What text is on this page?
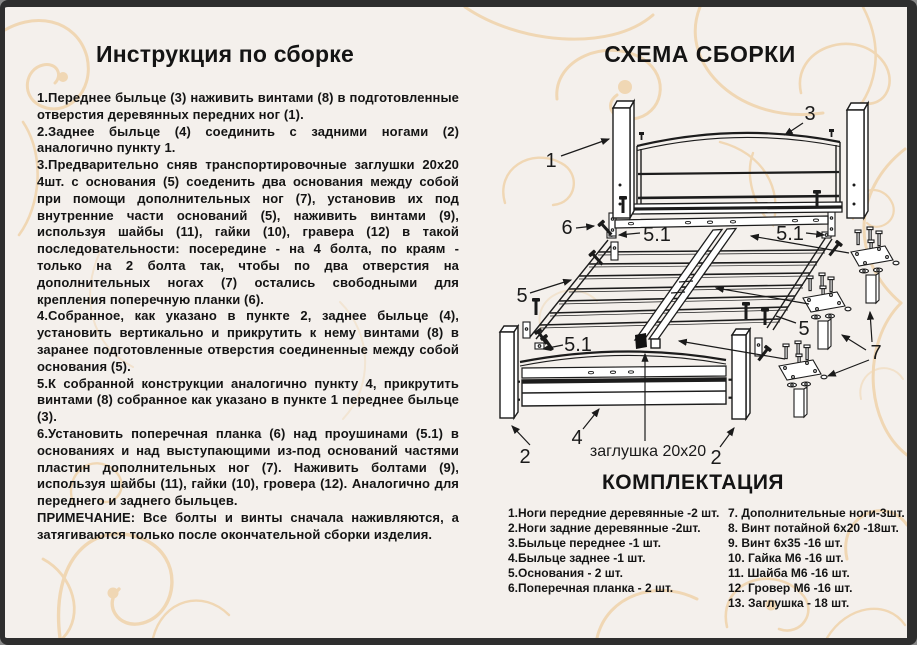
Инструкция по сборке

1.Переднее быльце (3) наживить винтами (8) в подготовленные отверстия деревянных передних ног (1).

2.Заднее быльце (4) соединить с задними ногами (2) аналогично пункту 1.

3.Предварительно сняв транспортировочные заглушки 20х20 4шт. с основания (5) соеденить два основания между собой при помощи дополнительных ног (7), установив их под внутренние части оснований (5), наживить винтами (9), используя шайбы (11), гайки (10), гравера (12) в такой последовательности: посередине - на 4 болта, по краям - только на 2 болта так, чтобы по два отверстия на дополнительных ногах (7) остались свободными для крепления поперечную планки (6).

4.Собранное, как указано в пункте 2, заднее быльце (4), установить вертикально и прикрутить к нему винтами (8) в заранее подготовленные отверстия соединенные между собой основания (5).

5.К собранной конструкции аналогично пункту 4, прикрутить винтами (8) собранное как указано в пункте 1 переднее быльце (3).

6.Установить поперечная планка (6) над проушинами (5.1) в основаниях и над выступающими из-под оснований частями пластин дополнительных ног (7). Наживить болтами (9), используя шайбы (11), гайки (10), гровера (12). Аналогично для переднего и заднего быльцев.

ПРИМЕЧАНИЕ: Все болты и винты сначала наживляются, а затягиваются только после окончательной сборки изделия.

СХЕМА СБОРКИ
1
3
6	5.1	5.1
5
5
5.1
4
2	2
7
заглушка 20х20
КОМПЛЕКТАЦИЯ
1.Ноги передние деревянные -2 шт.
2.Ноги задние деревянные -2шт.
3.Быльце переднее -1 шт.
4.Быльце заднее -1 шт.
5.Основания - 2 шт.
6.Поперечная планка - 2 шт.
7. Дополнительные ноги-3шт.
8. Винт потайной 6х20 -18шт.
9. Винт 6х35 -16 шт.
10. Гайка М6 -16 шт.
11. Шайба М6 -16 шт.
12. Гровер М6 -16 шт.
13. Заглушка - 18 шт.
